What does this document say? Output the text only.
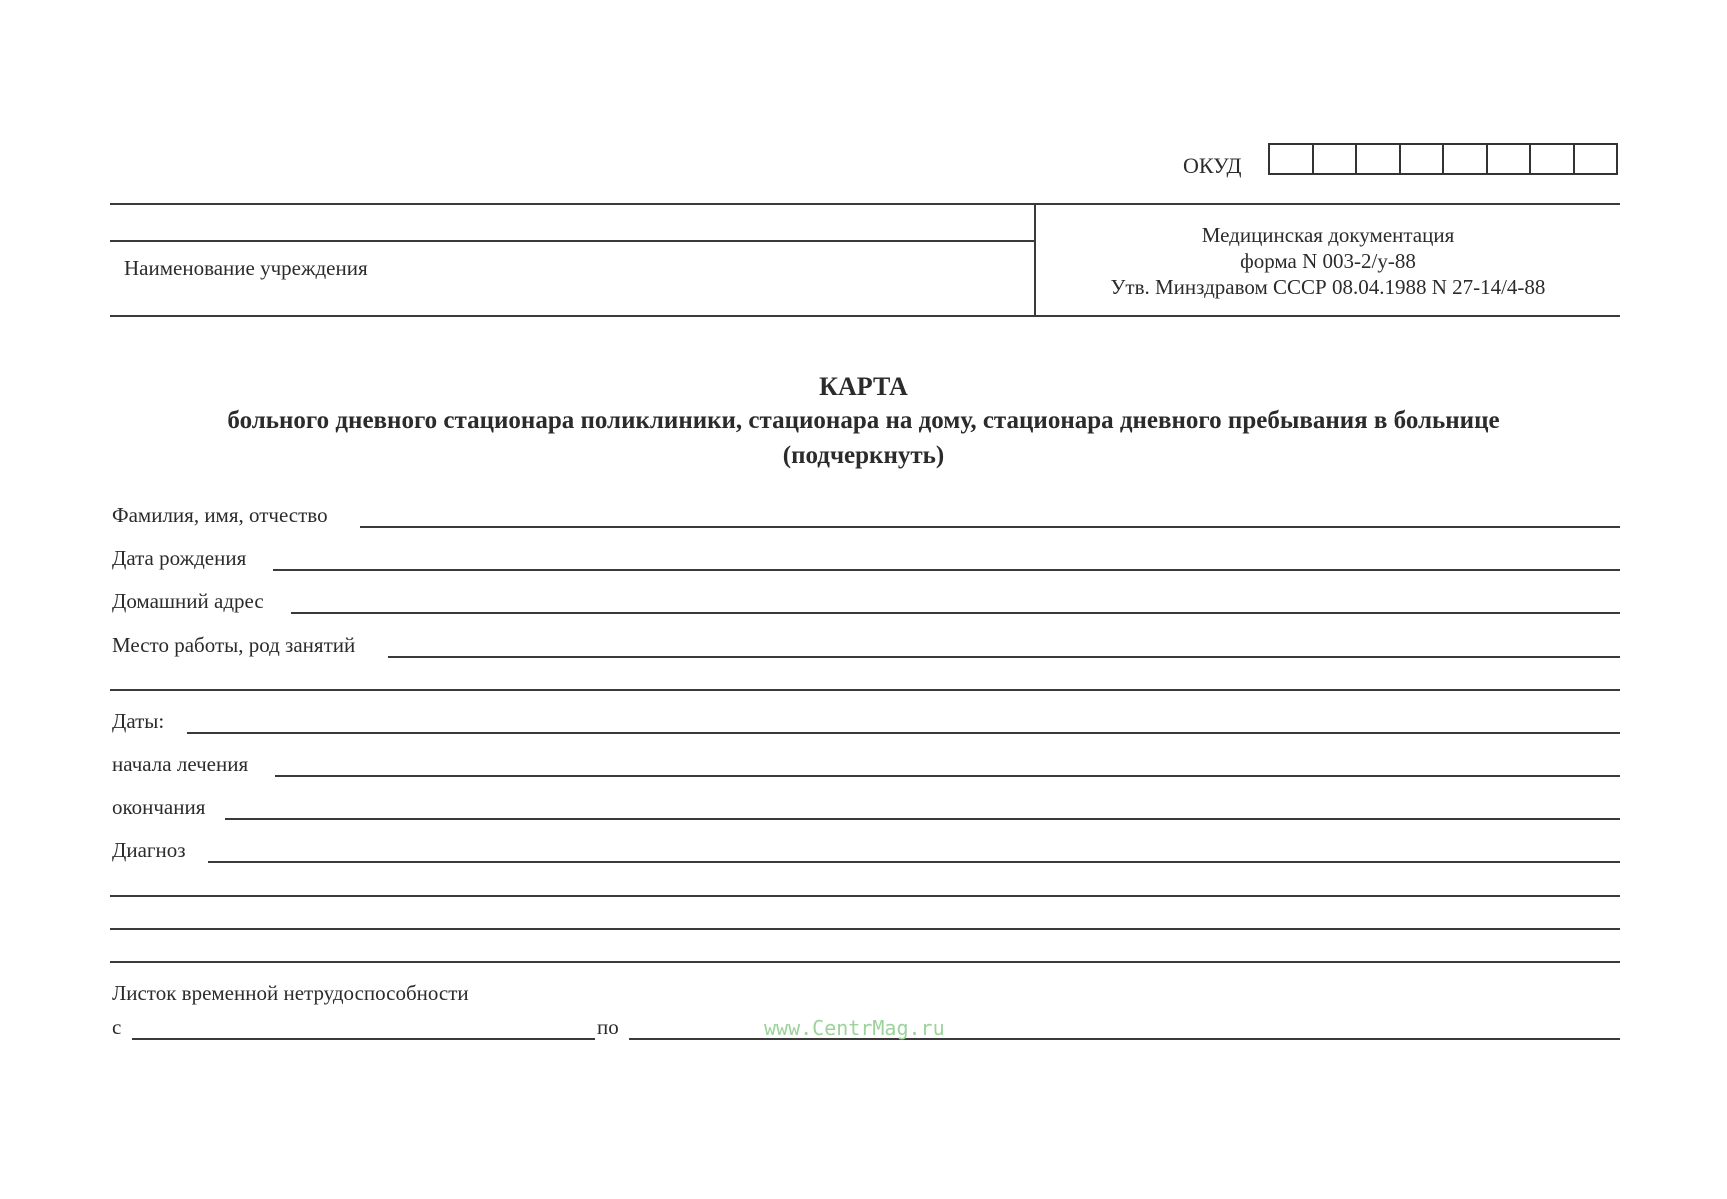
ОКУД
Наименование учреждения
Медицинская документация
форма N 003-2/у-88
Утв. Минздравом СССР 08.04.1988 N 27-14/4-88
КАРТА
больного дневного стационара поликлиники, стационара на дому, стационара дневного пребывания в больнице
(подчеркнуть)
Фамилия, имя, отчество
Дата рождения
Домашний адрес
Место работы, род занятий
Даты:
начала лечения
окончания
Диагноз
Листок временной нетрудоспособности
с	по	www.CentrMag.ru
